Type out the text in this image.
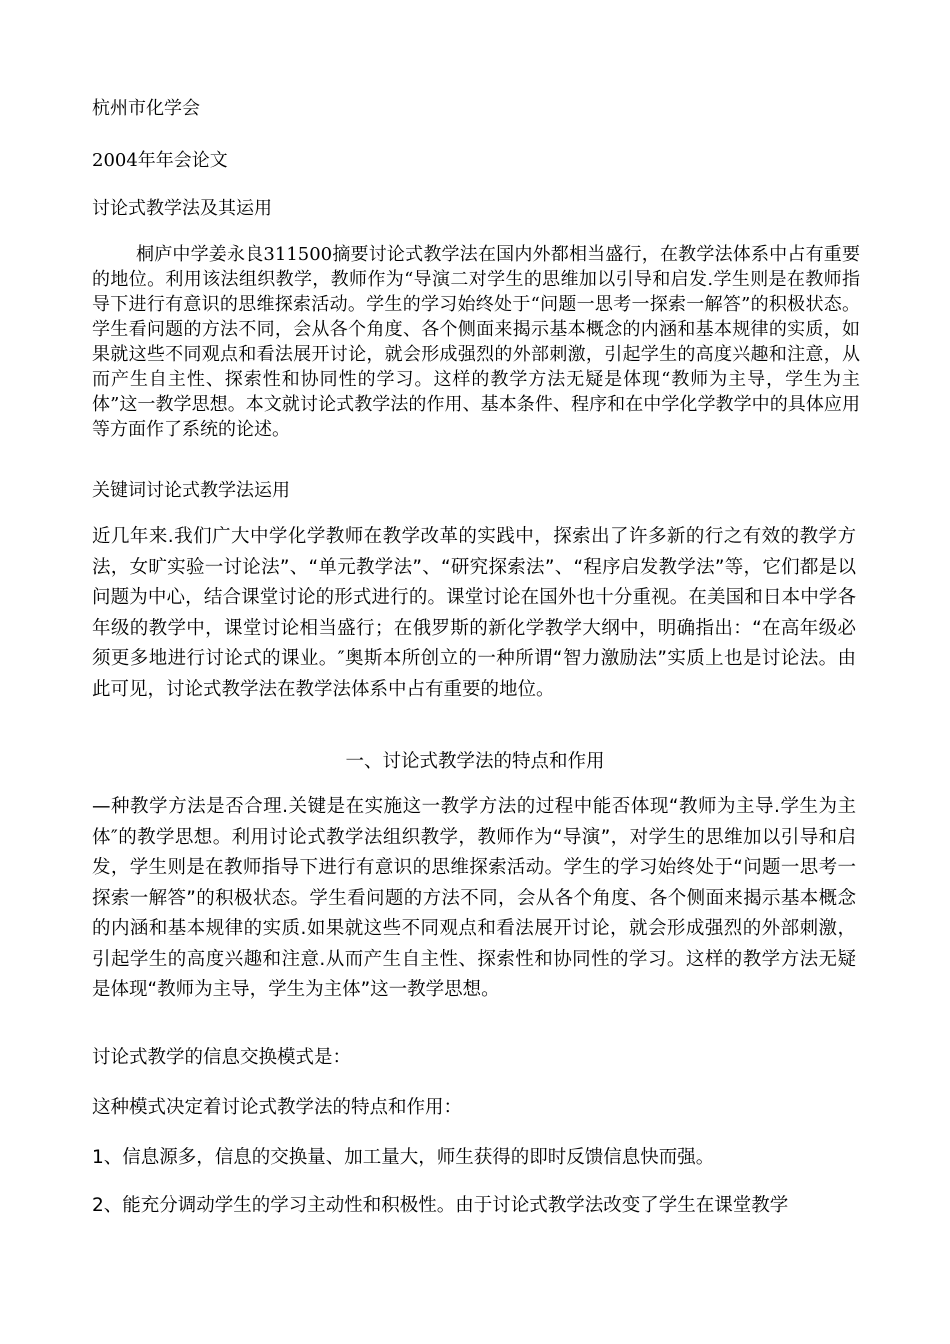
杭州市化学会
2004年年会论文
讨论式教学法及其运用

桐庐中学姜永良311500摘要讨论式教学法在国内外都相当盛行，在教学法体系中占有重要的地位。利用该法组织教学，教师作为“导演二对学生的思维加以引导和启发.学生则是在教师指导下进行有意识的思维探索活动。学生的学习始终处于“问题一思考一探索一解答”的积极状态。学生看问题的方法不同，会从各个角度、各个侧面来揭示基本概念的内涵和基本规律的实质，如果就这些不同观点和看法展开讨论，就会形成强烈的外部刺激，引起学生的高度兴趣和注意，从而产生自主性、探索性和协同性的学习。这样的教学方法无疑是体现“教师为主导，学生为主体”这一教学思想。本文就讨论式教学法的作用、基本条件、程序和在中学化学教学中的具体应用等方面作了系统的论述。

关键词讨论式教学法运用

近几年来.我们广大中学化学教师在教学改革的实践中，探索出了许多新的行之有效的教学方法，女旷实验一讨论法”、“单元教学法”、“研究探索法”、“程序启发教学法”等，它们都是以问题为中心，结合课堂讨论的形式进行的。课堂讨论在国外也十分重视。在美国和日本中学各年级的教学中，课堂讨论相当盛行；在俄罗斯的新化学教学大纲中，明确指出：“在高年级必须更多地进行讨论式的课业。″奥斯本所创立的一种所谓“智力激励法”实质上也是讨论法。由此可见，讨论式教学法在教学法体系中占有重要的地位。

一、讨论式教学法的特点和作用

—种教学方法是否合理.关键是在实施这一教学方法的过程中能否体现“教师为主导.学生为主体″的教学思想。利用讨论式教学法组织教学，教师作为“导演”，对学生的思维加以引导和启发，学生则是在教师指导下进行有意识的思维探索活动。学生的学习始终处于“问题一思考一探索一解答”的积极状态。学生看问题的方法不同，会从各个角度、各个侧面来揭示基本概念的内涵和基本规律的实质.如果就这些不同观点和看法展开讨论，就会形成强烈的外部刺激，引起学生的高度兴趣和注意.从而产生自主性、探索性和协同性的学习。这样的教学方法无疑是体现“教师为主导，学生为主体”这一教学思想。

讨论式教学的信息交换模式是：
这种模式决定着讨论式教学法的特点和作用：
1、信息源多，信息的交换量、加工量大，师生获得的即时反馈信息快而强。
2、能充分调动学生的学习主动性和积极性。由于讨论式教学法改变了学生在课堂教学
